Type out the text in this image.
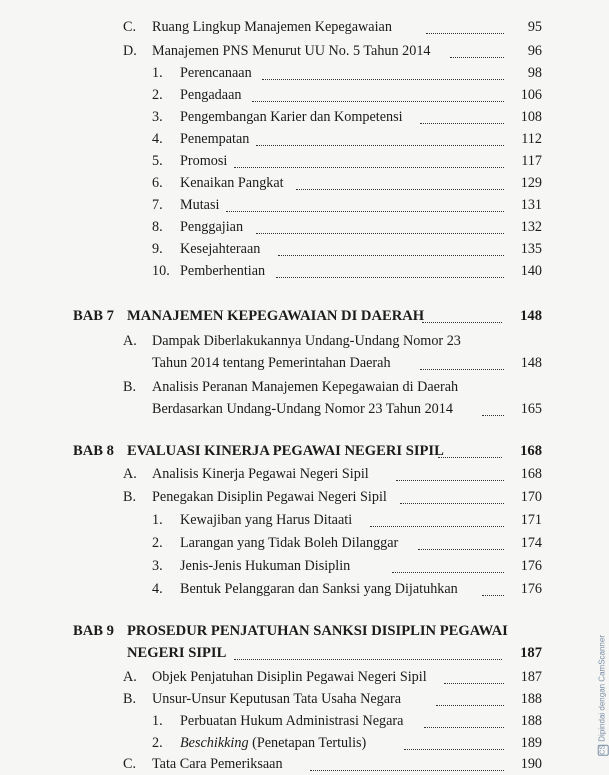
C. Ruang Lingkup Manajemen Kepegawaian	95
D. Manajemen PNS Menurut UU No. 5 Tahun 2014	96
1. Perencanaan	98
2. Pengadaan	106
3. Pengembangan Karier dan Kompetensi	108
4. Penempatan	112
5. Promosi	117
6. Kenaikan Pangkat	129
7. Mutasi	131
8. Penggajian	132
9. Kesejahteraan	135
10. Pemberhentian	140
BAB 7 MANAJEMEN KEPEGAWAIAN DI DAERAH	148
A. Dampak Diberlakukannya Undang-Undang Nomor 23
Tahun 2014 tentang Pemerintahan Daerah	148
B. Analisis Peranan Manajemen Kepegawaian di Daerah
Berdasarkan Undang-Undang Nomor 23 Tahun 2014	165
BAB 8 EVALUASI KINERJA PEGAWAI NEGERI SIPIL	168
A. Analisis Kinerja Pegawai Negeri Sipil	168
B. Penegakan Disiplin Pegawai Negeri Sipil	170
1. Kewajiban yang Harus Ditaati	171
2. Larangan yang Tidak Boleh Dilanggar	174
3. Jenis-Jenis Hukuman Disiplin	176
4. Bentuk Pelanggaran dan Sanksi yang Dijatuhkan	176
BAB 9 PROSEDUR PENJATUHAN SANKSI DISIPLIN PEGAWAI
NEGERI SIPIL	187
A. Objek Penjatuhan Disiplin Pegawai Negeri Sipil	187
B. Unsur-Unsur Keputusan Tata Usaha Negara	188
1. Perbuatan Hukum Administrasi Negara	188
2. Beschikking (Penetapan Tertulis)	189
C. Tata Cara Pemeriksaan	190
CSDipindai dengan CamScanner
